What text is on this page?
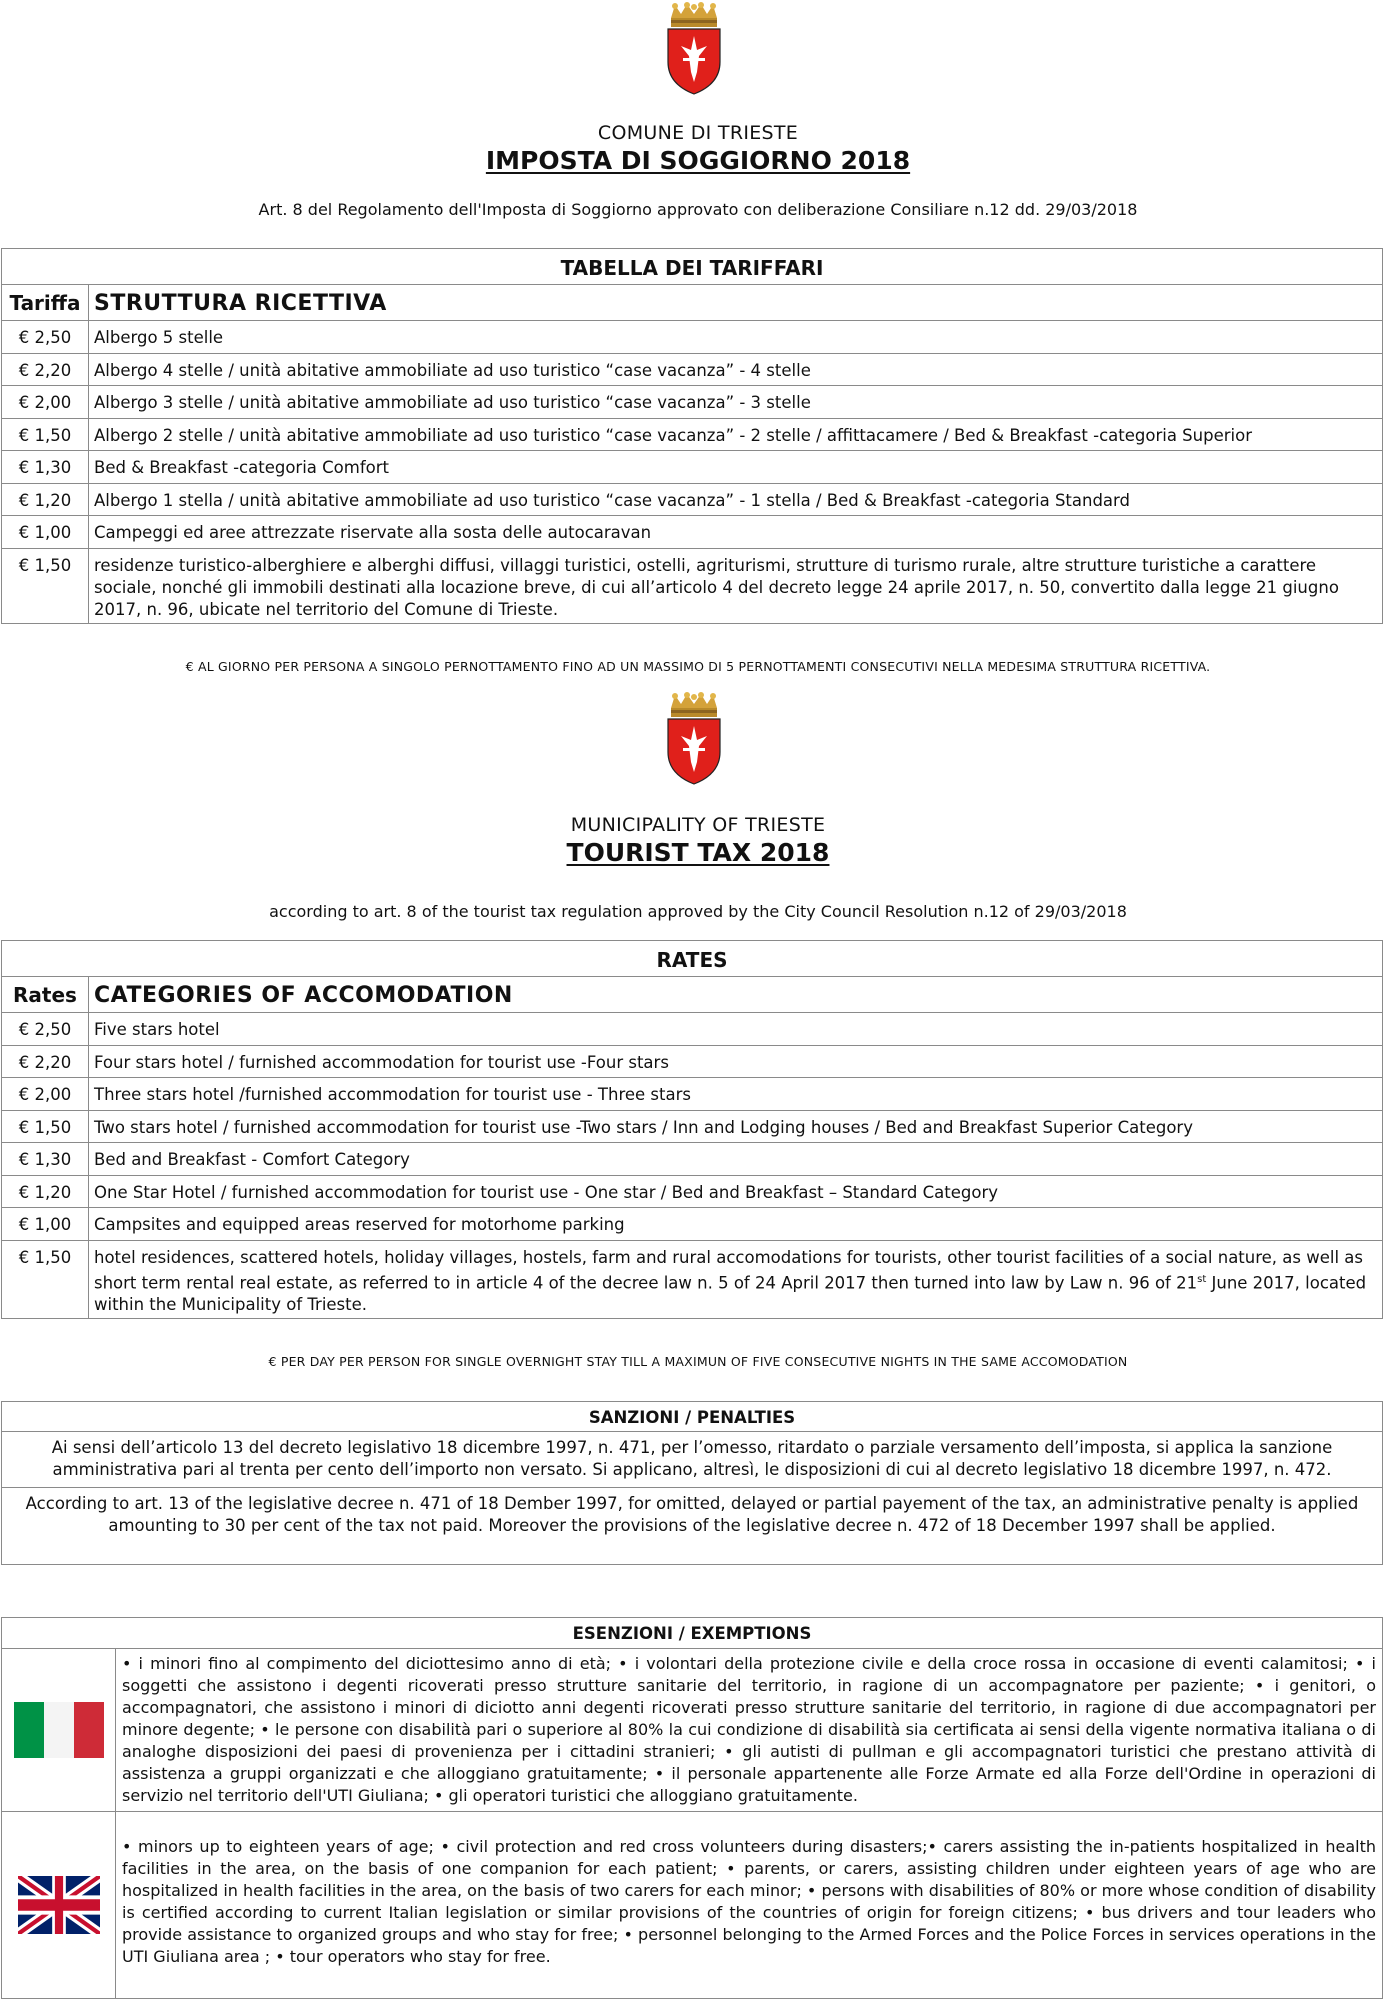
COMUNE DI TRIESTE
IMPOSTA DI SOGGIORNO 2018
Art. 8 del Regolamento dell'Imposta di Soggiorno approvato con deliberazione Consiliare n.12 dd. 29/03/2018
TABELLA DEI TARIFFARI	
Tariffa	STRUTTURA RICETTIVA
€ 2,50	Albergo 5 stelle
€ 2,20	Albergo 4 stelle / unità abitative ammobiliate ad uso turistico “case vacanza” - 4 stelle
€ 2,00	Albergo 3 stelle / unità abitative ammobiliate ad uso turistico “case vacanza” - 3 stelle
€ 1,50	Albergo 2 stelle / unità abitative ammobiliate ad uso turistico “case vacanza” - 2 stelle / affittacamere / Bed & Breakfast -categoria Superior
€ 1,30	Bed & Breakfast -categoria Comfort
€ 1,20	Albergo 1 stella / unità abitative ammobiliate ad uso turistico “case vacanza” - 1 stella / Bed & Breakfast -categoria Standard
€ 1,00	Campeggi ed aree attrezzate riservate alla sosta delle autocaravan
€ 1,50	residenze turistico-alberghiere e alberghi diffusi, villaggi turistici, ostelli, agriturismi, strutture di turismo rurale, altre strutture turistiche a carattere sociale, nonché gli immobili destinati alla locazione breve, di cui all’articolo 4 del decreto legge 24 aprile 2017, n. 50, convertito dalla legge 21 giugno 2017, n. 96, ubicate nel territorio del Comune di Trieste.
€ AL GIORNO PER PERSONA A SINGOLO PERNOTTAMENTO FINO AD UN MASSIMO DI 5 PERNOTTAMENTI CONSECUTIVI NELLA MEDESIMA STRUTTURA RICETTIVA.
MUNICIPALITY OF TRIESTE
TOURIST TAX 2018
according to art. 8 of the tourist tax regulation approved by the City Council Resolution n.12 of 29/03/2018
RATES	
Rates	CATEGORIES OF ACCOMODATION
€ 2,50	Five stars hotel
€ 2,20	Four stars hotel / furnished accommodation for tourist use -Four stars
€ 2,00	Three stars hotel /furnished accommodation for tourist use - Three stars
€ 1,50	Two stars hotel / furnished accommodation for tourist use -Two stars / Inn and Lodging houses / Bed and Breakfast Superior Category
€ 1,30	Bed and Breakfast - Comfort Category
€ 1,20	One Star Hotel / furnished accommodation for tourist use - One star / Bed and Breakfast – Standard Category
€ 1,00	Campsites and equipped areas reserved for motorhome parking
€ 1,50	hotel residences, scattered hotels, holiday villages, hostels, farm and rural accomodations for tourists, other tourist facilities of a social nature, as well as short term rental real estate, as referred to in article 4 of the decree law n. 5 of 24 April 2017 then turned into law by Law n. 96 of 21st June 2017, located within the Municipality of Trieste.
€ PER DAY PER PERSON FOR SINGLE OVERNIGHT STAY TILL A MAXIMUN OF FIVE CONSECUTIVE NIGHTS IN THE SAME ACCOMODATION
SANZIONI / PENALTIES
Ai sensi dell’articolo 13 del decreto legislativo 18 dicembre 1997, n. 471, per l’omesso, ritardato o parziale versamento dell’imposta, si applica la sanzione amministrativa pari al trenta per cento dell’importo non versato. Si applicano, altresì, le disposizioni di cui al decreto legislativo 18 dicembre 1997, n. 472.
According to art. 13 of the legislative decree n. 471 of 18 Dember 1997, for omitted, delayed or partial payement of the tax, an administrative penalty is applied amounting to 30 per cent of the tax not paid. Moreover the provisions of the legislative decree n. 472 of 18 December 1997 shall be applied.
ESENZIONI / EXEMPTIONS
• i minori fino al compimento del diciottesimo anno di età; • i volontari della protezione civile e della croce rossa in occasione di eventi calamitosi; • i soggetti che assistono i degenti ricoverati presso strutture sanitarie del territorio, in ragione di un accompagnatore per paziente; • i genitori, o accompagnatori, che assistono i minori di diciotto anni degenti ricoverati presso strutture sanitarie del territorio, in ragione di due accompagnatori per minore degente; • le persone con disabilità pari o superiore al 80% la cui condizione di disabilità sia certificata ai sensi della vigente normativa italiana o di analoghe disposizioni dei paesi di provenienza per i cittadini stranieri; • gli autisti di pullman e gli accompagnatori turistici che prestano attività di assistenza a gruppi organizzati e che alloggiano gratuitamente; • il personale appartenente alle Forze Armate ed alla Forze dell'Ordine in operazioni di servizio nel territorio dell'UTI Giuliana; • gli operatori turistici che alloggiano gratuitamente.
• minors up to eighteen years of age; • civil protection and red cross volunteers during disasters;• carers assisting the in-patients hospitalized in health facilities in the area, on the basis of one companion for each patient; • parents, or carers, assisting children under eighteen years of age who are hospitalized in health facilities in the area, on the basis of two carers for each minor; • persons with disabilities of 80% or more whose condition of disability is certified according to current Italian legislation or similar provisions of the countries of origin for foreign citizens; • bus drivers and tour leaders who provide assistance to organized groups and who stay for free; • personnel belonging to the Armed Forces and the Police Forces in services operations in the UTI Giuliana area ; • tour operators who stay for free.
